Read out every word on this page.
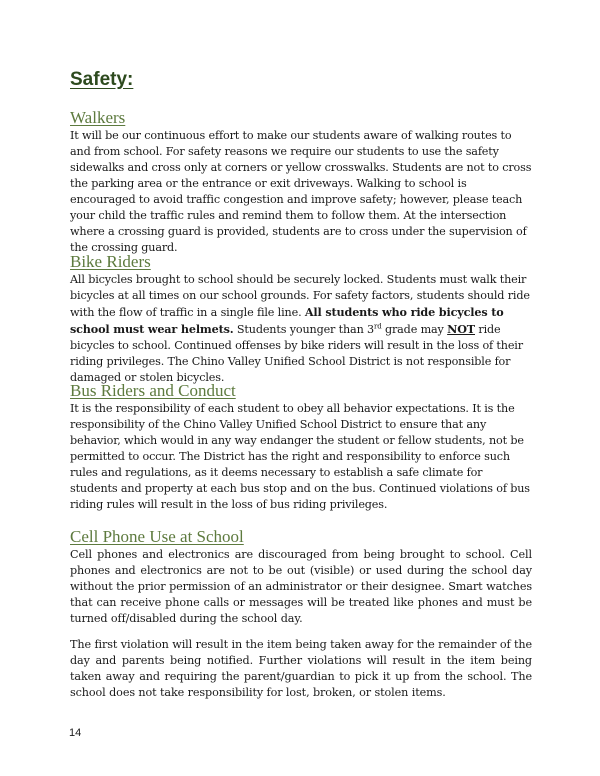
Safety:
Walkers

It will be our continuous effort to make our students aware of walking routes to and from school. For safety reasons we require our students to use the safety sidewalks and cross only at corners or yellow crosswalks. Students are not to cross the parking area or the entrance or exit driveways. Walking to school is encouraged to avoid traffic congestion and improve safety; however, please teach your child the traffic rules and remind them to follow them. At the intersection where a crossing guard is provided, students are to cross under the supervision of the crossing guard.

Bike Riders

All bicycles brought to school should be securely locked. Students must walk their bicycles at all times on our school grounds. For safety factors, students should ride with the flow of traffic in a single file line. All students who ride bicycles to school must wear helmets. Students younger than 3rd grade may NOT ride bicycles to school. Continued offenses by bike riders will result in the loss of their riding privileges. The Chino Valley Unified School District is not responsible for damaged or stolen bicycles.

Bus Riders and Conduct

It is the responsibility of each student to obey all behavior expectations. It is the responsibility of the Chino Valley Unified School District to ensure that any behavior, which would in any way endanger the student or fellow students, not be permitted to occur. The District has the right and responsibility to enforce such rules and regulations, as it deems necessary to establish a safe climate for students and property at each bus stop and on the bus. Continued violations of bus riding rules will result in the loss of bus riding privileges.

Cell Phone Use at School

Cell phones and electronics are discouraged from being brought to school. Cell phones and electronics are not to be out (visible) or used during the school day without the prior permission of an administrator or their designee. Smart watches that can receive phone calls or messages will be treated like phones and must be turned off/disabled during the school day.

The first violation will result in the item being taken away for the remainder of the day and parents being notified. Further violations will result in the item being taken away and requiring the parent/guardian to pick it up from the school. The school does not take responsibility for lost, broken, or stolen items.

14
